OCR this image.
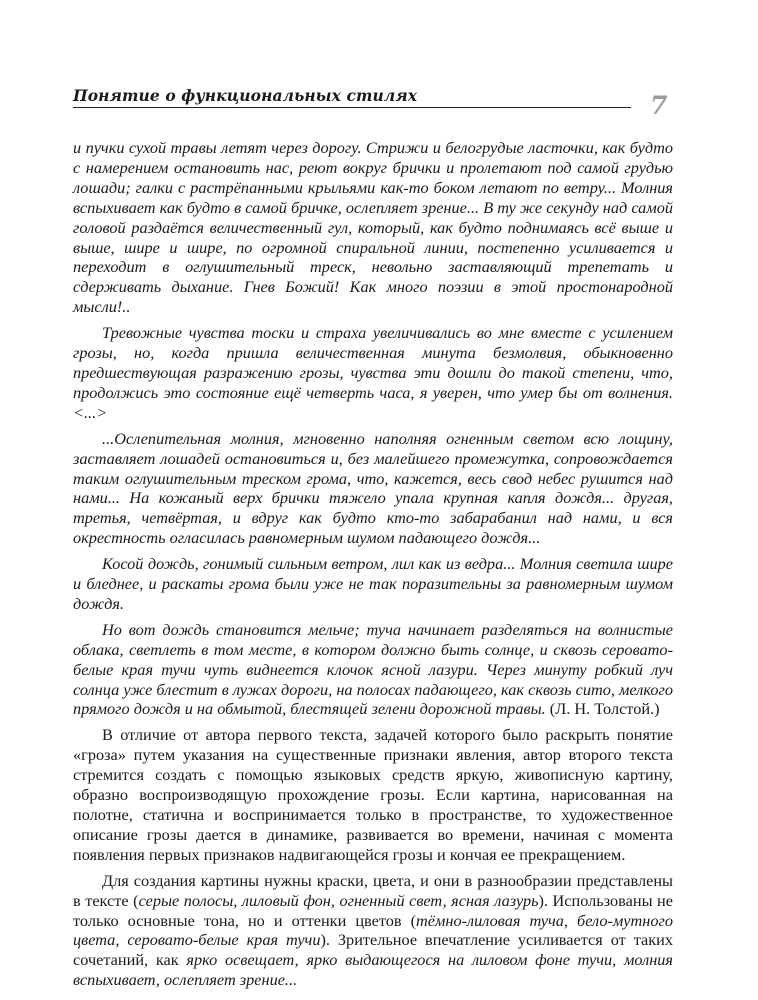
Понятие о функциональных стилях	7

и пучки сухой травы летят через дорогу. Стрижи и белогрудые ласточки, как будто с намерением остановить нас, реют вокруг брички и пролетают под самой грудью лошади; галки с растрёпанными крыльями как-то боком летают по ветру... Молния вспыхивает как будто в самой бричке, ослепляет зрение... В ту же секунду над самой головой раздаётся величественный гул, который, как будто поднимаясь всё выше и выше, шире и шире, по огромной спиральной линии, постепенно усиливается и переходит в оглушительный треск, невольно заставляющий трепетать и сдерживать дыхание. Гнев Божий! Как много поэзии в этой простонародной мысли!..

Тревожные чувства тоски и страха увеличивались во мне вместе с усилением грозы, но, когда пришла величественная минута безмолвия, обыкновенно предшествующая разражению грозы, чувства эти дошли до такой степени, что, продолжись это состояние ещё четверть часа, я уверен, что умер бы от волнения. <...>

...Ослепительная молния, мгновенно наполняя огненным светом всю лощину, заставляет лошадей остановиться и, без малейшего промежутка, сопровождается таким оглушительным треском грома, что, кажется, весь свод небес рушится над нами... На кожаный верх брички тяжело упала крупная капля дождя... другая, третья, четвёртая, и вдруг как будто кто-то забарабанил над нами, и вся окрестность огласилась равномерным шумом падающего дождя...

Косой дождь, гонимый сильным ветром, лил как из ведра... Молния светила шире и бледнее, и раскаты грома были уже не так поразительны за равномерным шумом дождя.

Но вот дождь становится мельче; туча начинает разделяться на волнистые облака, светлеть в том месте, в котором должно быть солнце, и сквозь серовато-белые края тучи чуть виднеется клочок ясной лазури. Через минуту робкий луч солнца уже блестит в лужах дороги, на полосах падающего, как сквозь сито, мелкого прямого дождя и на обмытой, блестящей зелени дорожной травы. (Л. Н. Толстой.)

В отличие от автора первого текста, задачей которого было раскрыть понятие «гроза» путем указания на существенные признаки явления, автор второго текста стремится создать с помощью языковых средств яркую, живописную картину, образно воспроизводящую прохождение грозы. Если картина, нарисованная на полотне, статична и воспринимается только в пространстве, то художественное описание грозы дается в динамике, развивается во времени, начиная с момента появления первых признаков надвигающейся грозы и кончая ее прекращением.

Для создания картины нужны краски, цвета, и они в разнообразии представлены в тексте (серые полосы, лиловый фон, огненный свет, ясная лазурь). Использованы не только основные тона, но и оттенки цветов (тёмно-лиловая туча, бело-мутного цвета, серовато-белые края тучи). Зрительное впечатление усиливается от таких сочетаний, как ярко освещает, ярко выдающегося на лиловом фоне тучи, молния вспыхивает, ослепляет зрение...
